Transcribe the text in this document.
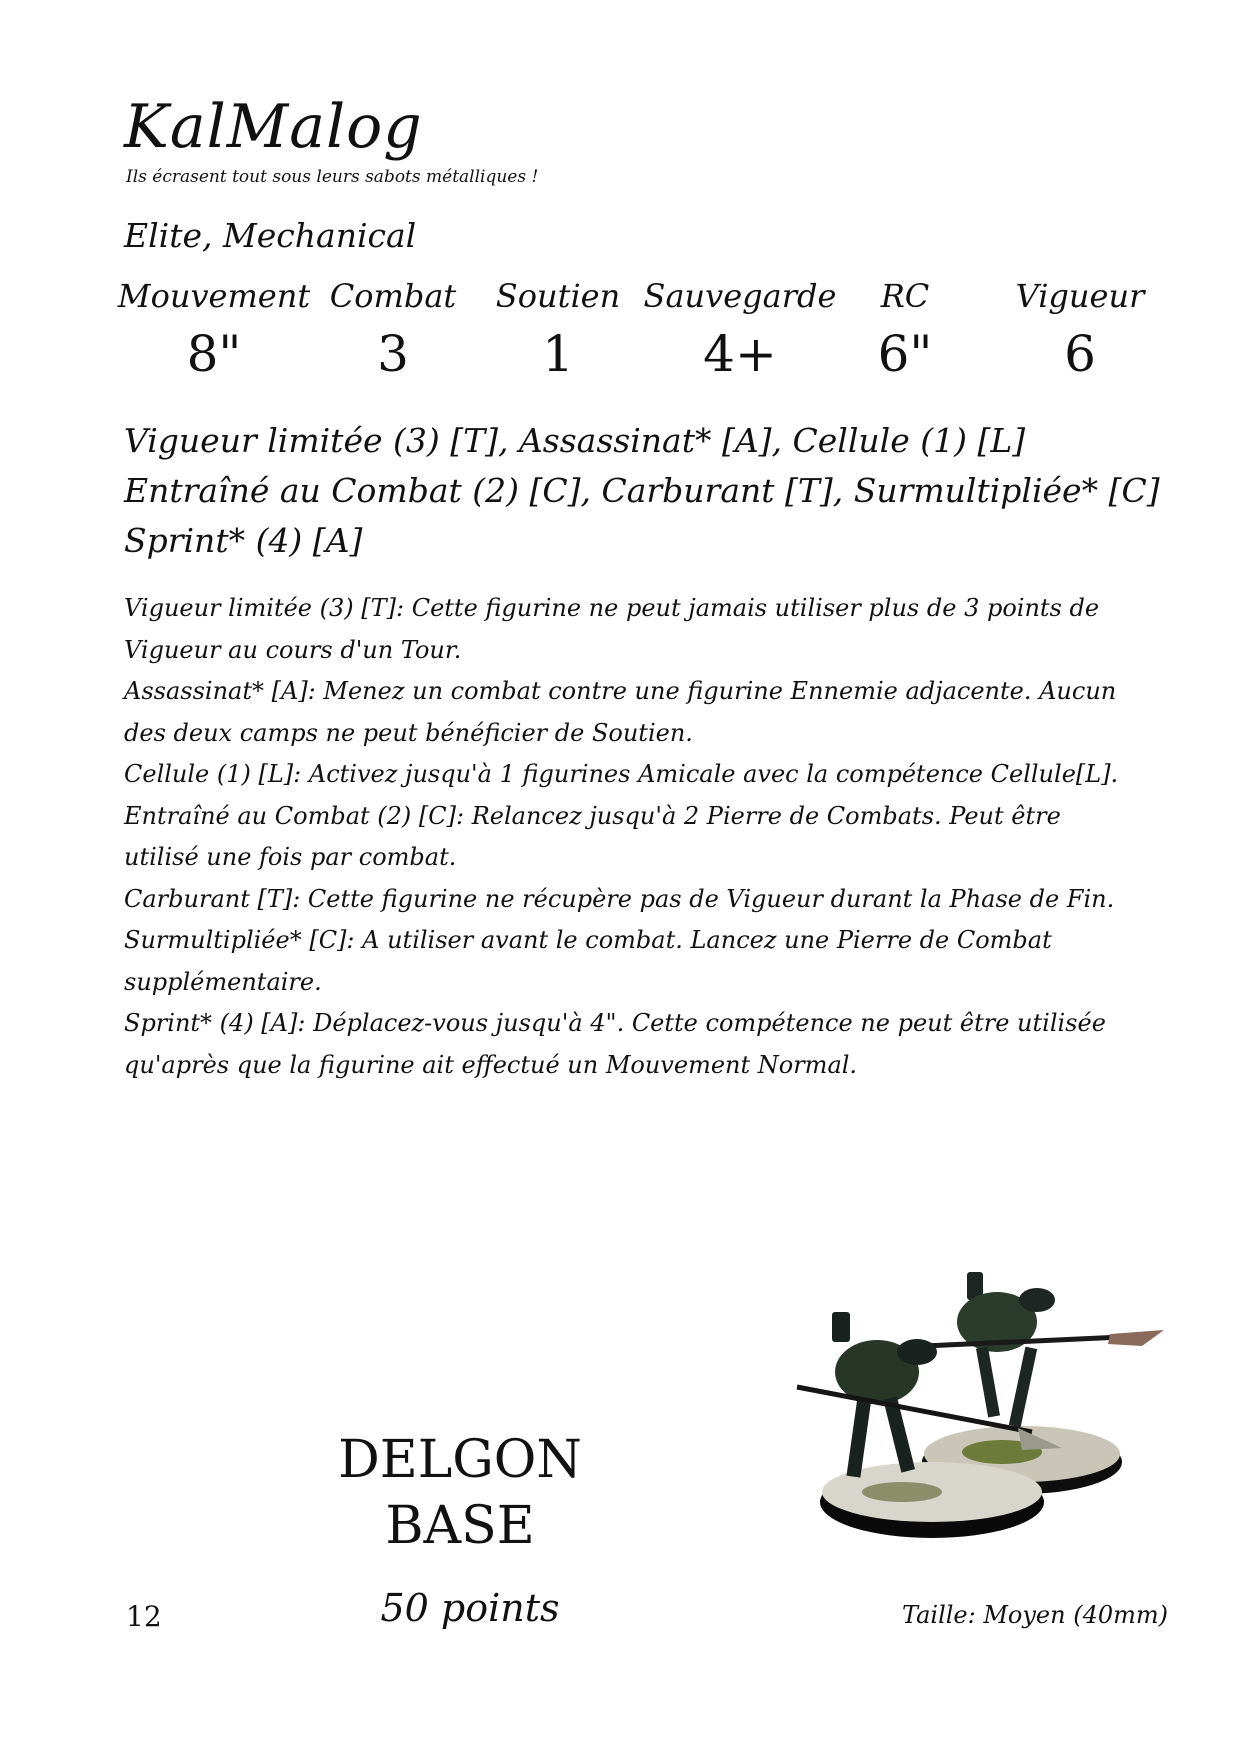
KalMalog
Ils écrasent tout sous leurs sabots métalliques !
Elite, Mechanical
Mouvement
8"
Combat
3
Soutien
1
Sauvegarde
4+
RC
6"
Vigueur
6
Vigueur limitée (3) [T], Assassinat* [A], Cellule (1) [L]
Entraîné au Combat (2) [C], Carburant [T], Surmultipliée* [C]
Sprint* (4) [A]
Vigueur limitée (3) [T]: Cette figurine ne peut jamais utiliser plus de 3 points de Vigueur au cours d'un Tour.
Assassinat* [A]: Menez un combat contre une figurine Ennemie adjacente. Aucun des deux camps ne peut bénéficier de Soutien.
Cellule (1) [L]: Activez jusqu'à 1 figurines Amicale avec la compétence Cellule[L].
Entraîné au Combat (2) [C]: Relancez jusqu'à 2 Pierre de Combats. Peut être utilisé une fois par combat.
Carburant [T]: Cette figurine ne récupère pas de Vigueur durant la Phase de Fin.
Surmultipliée* [C]: A utiliser avant le combat. Lancez une Pierre de Combat supplémentaire.
Sprint* (4) [A]: Déplacez-vous jusqu'à 4". Cette compétence ne peut être utilisée qu'après que la figurine ait effectué un Mouvement Normal.
DELGON
BASE
50 points
12	Taille: Moyen (40mm)
